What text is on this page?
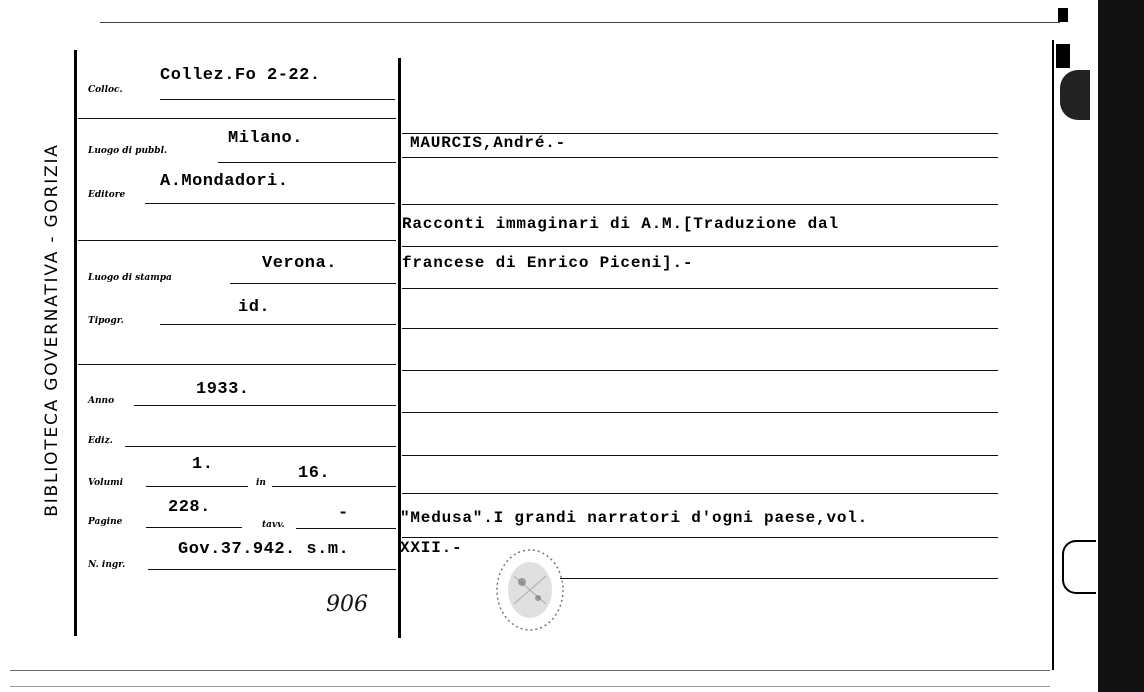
BIBLIOTECA GOVERNATIVA - GORIZIA
Colloc.
Collez.Fo 2-22.
Luogo di pubbl.
Milano.
Editore
A.Mondadori.
Luogo di stampa
Verona.
Tipogr.
id.
Anno
1933.
Ediz.
Volumi
1.
in 16.
Pagine
228.
tavv.
-
N. ingr.
Gov.37.942. s.m.
906
MAURCIS,André.-
Racconti immaginari di A.M.[Traduzione dal
francese di Enrico Piceni].-
"Medusa".I grandi narratori d'ogni paese,vol.
XXII.-
